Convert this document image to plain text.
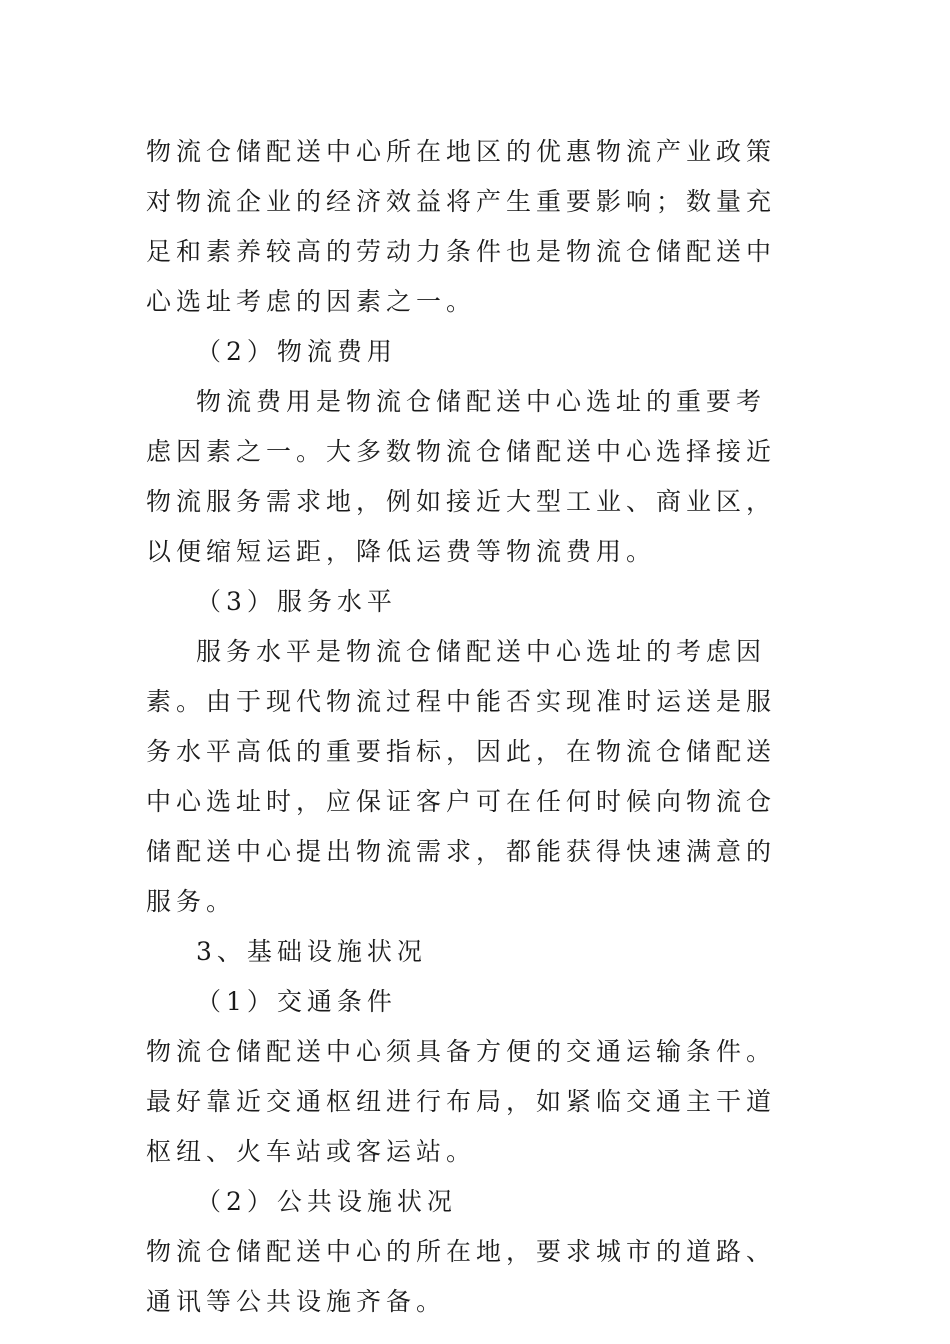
物流仓储配送中心所在地区的优惠物流产业政策对物流企业的经济效益将产生重要影响；数量充足和素养较高的劳动力条件也是物流仓储配送中心选址考虑的因素之一。

（2）物流费用

物流费用是物流仓储配送中心选址的重要考虑因素之一。大多数物流仓储配送中心选择接近物流服务需求地，例如接近大型工业、商业区，以便缩短运距，降低运费等物流费用。

（3）服务水平

服务水平是物流仓储配送中心选址的考虑因素。由于现代物流过程中能否实现准时运送是服务水平高低的重要指标，因此，在物流仓储配送中心选址时，应保证客户可在任何时候向物流仓储配送中心提出物流需求，都能获得快速满意的服务。

3、基础设施状况

（1）交通条件

物流仓储配送中心须具备方便的交通运输条件。最好靠近交通枢纽进行布局，如紧临交通主干道枢纽、火车站或客运站。

（2）公共设施状况

物流仓储配送中心的所在地，要求城市的道路、通讯等公共设施齐备。
